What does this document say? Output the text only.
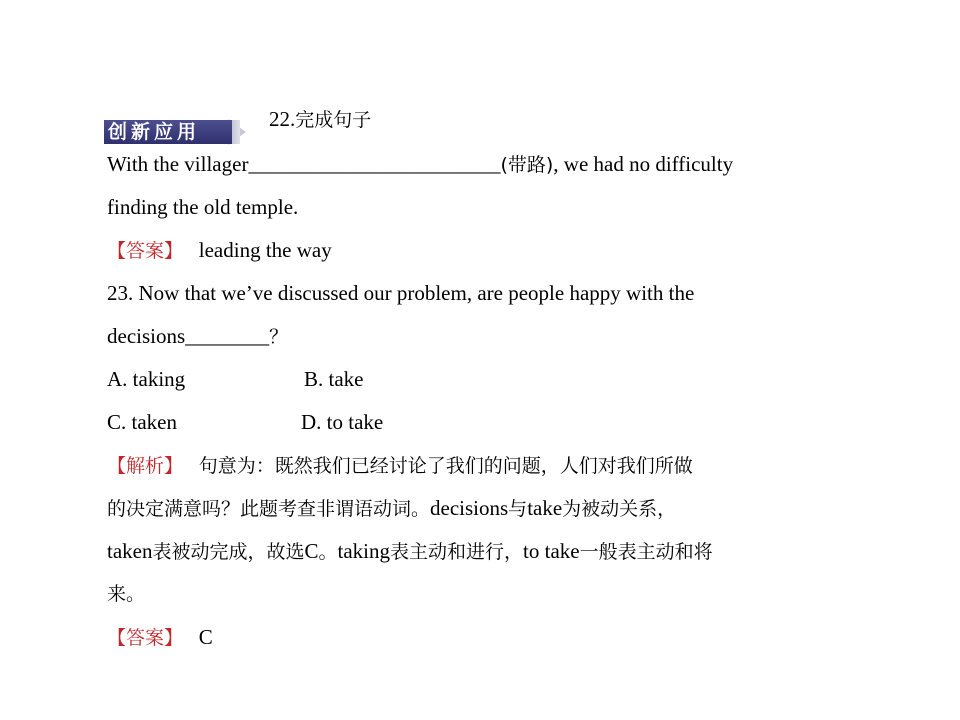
创新应用
22.完成句子
With the villager________________________(带路), we had no difficulty
finding the old temple.
【答案】 leading the way
23. Now that we’ve discussed our problem, are people happy with the
decisions________？
A. taking	B. take
C. taken	D. to take
【解析】 句意为：既然我们已经讨论了我们的问题，人们对我们所做
的决定满意吗？此题考查非谓语动词。decisions与take为被动关系，
taken表被动完成，故选C。taking表主动和进行，to take一般表主动和将
来。
【答案】 C
